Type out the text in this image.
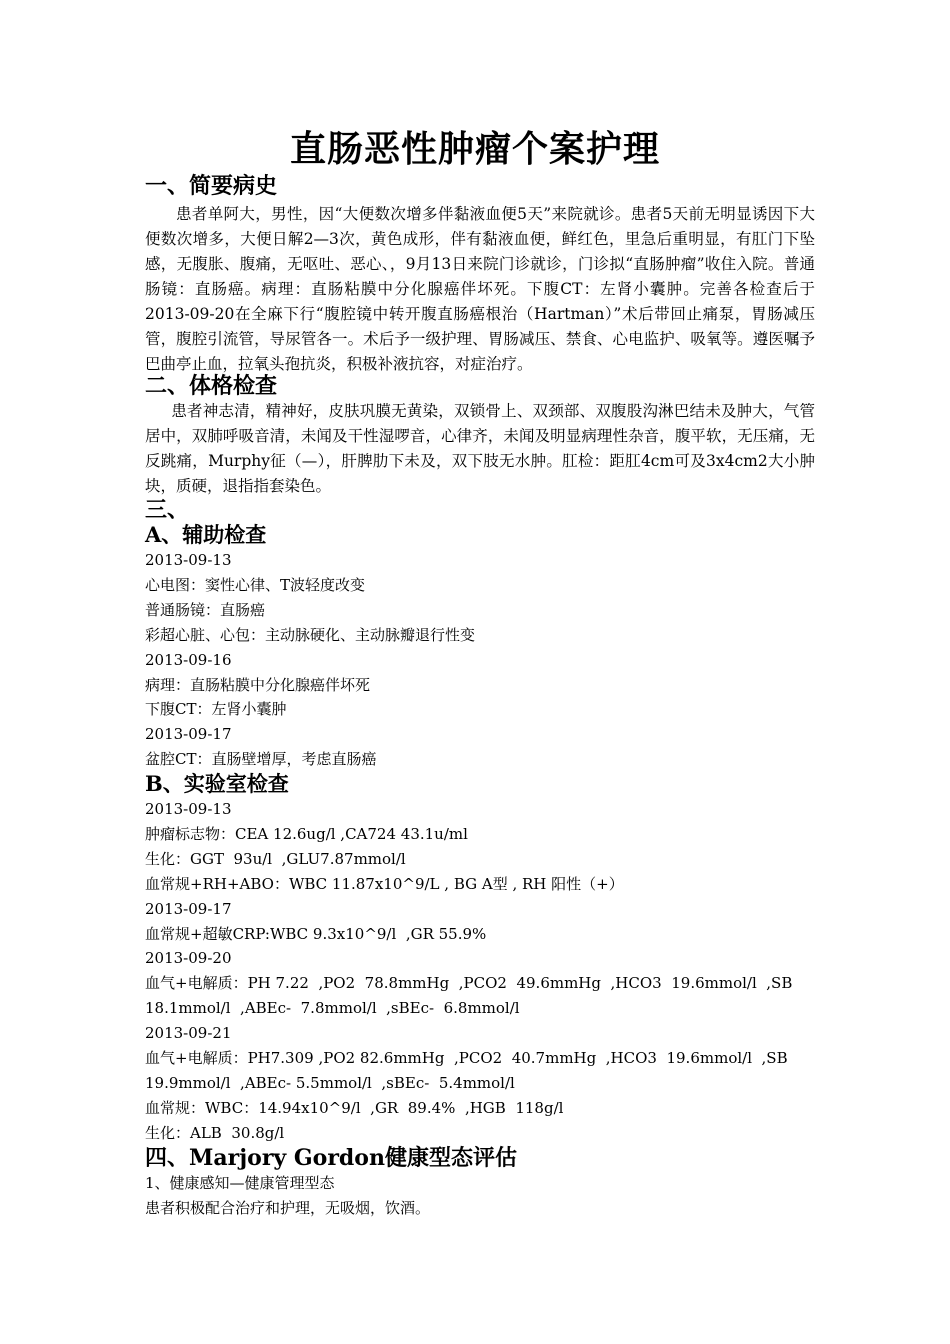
直肠恶性肿瘤个案护理
一、简要病史

患者单阿大，男性，因“大便数次增多伴黏液血便5天”来院就诊。患者5天前无明显诱因下大便数次增多，大便日解2—3次，黄色成形，伴有黏液血便，鲜红色，里急后重明显，有肛门下坠感，无腹胀、腹痛，无呕吐、恶心、，9月13日来院门诊就诊，门诊拟“直肠肿瘤”收住入院。普通肠镜：直肠癌。病理：直肠粘膜中分化腺癌伴坏死。下腹CT：左肾小囊肿。完善各检查后于2013-09-20在全麻下行“腹腔镜中转开腹直肠癌根治（Hartman）”术后带回止痛泵，胃肠减压管，腹腔引流管，导尿管各一。术后予一级护理、胃肠减压、禁食、心电监护、吸氧等。遵医嘱予巴曲亭止血，拉氧头孢抗炎，积极补液抗容，对症治疗。

二、体格检查

患者神志清，精神好，皮肤巩膜无黄染，双锁骨上、双颈部、双腹股沟淋巴结未及肿大，气管居中，双肺呼吸音清，未闻及干性湿啰音，心律齐，未闻及明显病理性杂音，腹平软，无压痛，无反跳痛，Murphy征（—），肝脾肋下未及，双下肢无水肿。肛检：距肛4cm可及3x4cm2大小肿块，质硬，退指指套染色。

三、
A、辅助检查
2013-09-13
心电图：窦性心律、T波轻度改变
普通肠镜：直肠癌
彩超心脏、心包：主动脉硬化、主动脉瓣退行性变
2013-09-16
病理：直肠粘膜中分化腺癌伴坏死
下腹CT：左肾小囊肿
2013-09-17
盆腔CT：直肠壁增厚，考虑直肠癌
B、实验室检查
2013-09-13
肿瘤标志物：CEA 12.6ug/l ,CA724 43.1u/ml
生化：GGT  93u/l  ,GLU7.87mmol/l
血常规+RH+ABO：WBC 11.87x10^9/L , BG A型 , RH 阳性（+）
2013-09-17
血常规+超敏CRP:WBC 9.3x10^9/l  ,GR 55.9%
2013-09-20
血气+电解质：PH 7.22  ,PO2  78.8mmHg  ,PCO2  49.6mmHg  ,HCO3  19.6mmol/l  ,SB
18.1mmol/l  ,ABEc-  7.8mmol/l  ,sBEc-  6.8mmol/l
2013-09-21
血气+电解质：PH7.309 ,PO2 82.6mmHg  ,PCO2  40.7mmHg  ,HCO3  19.6mmol/l  ,SB
19.9mmol/l  ,ABEc- 5.5mmol/l  ,sBEc-  5.4mmol/l
血常规：WBC：14.94x10^9/l  ,GR  89.4%  ,HGB  118g/l
生化：ALB  30.8g/l
四、Marjory Gordon健康型态评估
1、健康感知—健康管理型态
患者积极配合治疗和护理，无吸烟，饮酒。
